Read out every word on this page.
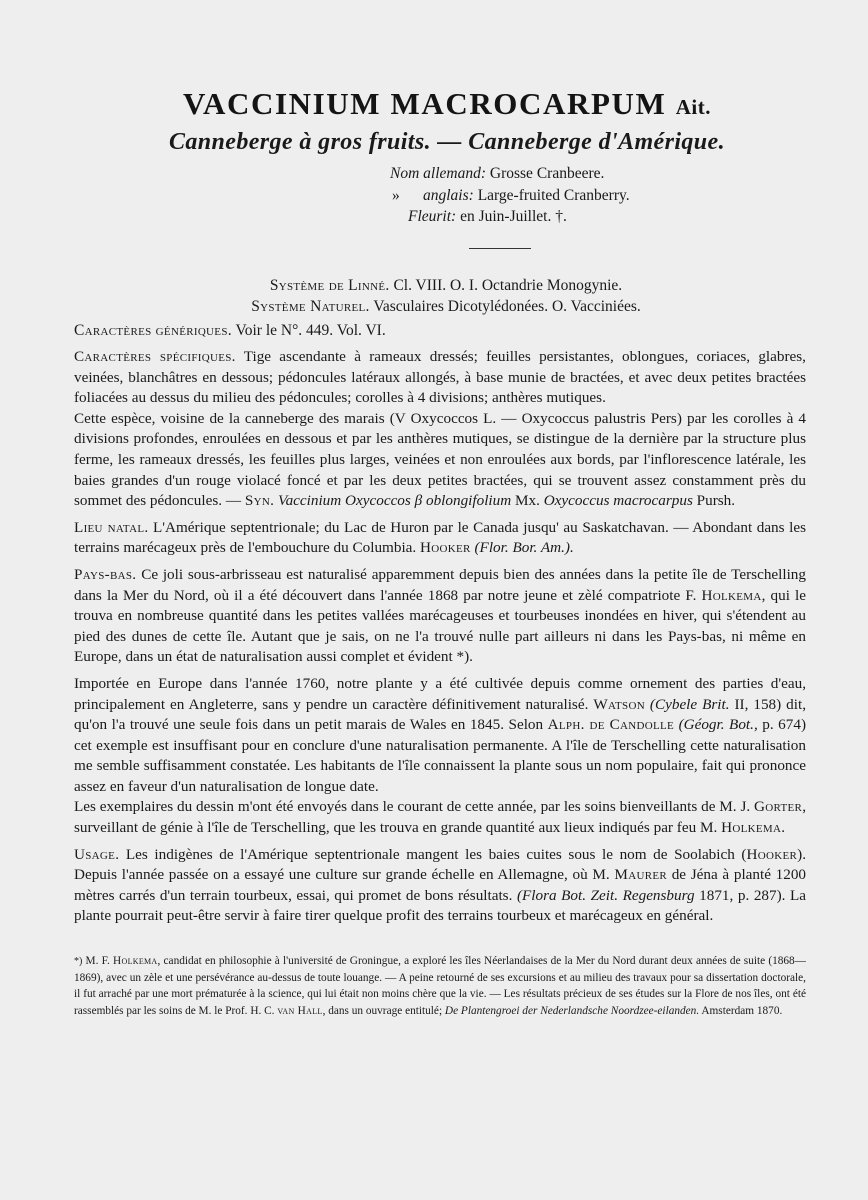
VACCINIUM MACROCARPUM Ait.

Canneberge à gros fruits. — Canneberge d'Amérique.

Nom allemand: Grosse Cranbeere.
» anglais: Large-fruited Cranberry.
Fleurit: en Juin-Juillet. †.
Système de Linné. Cl. VIII. O. I. Octandrie Monogynie.
Système Naturel. Vasculaires Dicotylédonées. O. Vacciniées.
Caractères génériques. Voir le N°. 449. Vol. VI.

Caractères spécifiques. Tige ascendante à rameaux dressés; feuilles persistantes, oblongues, coriaces, glabres, veinées, blanchâtres en dessous; pédoncules latéraux allongés, à base munie de bractées, et avec deux petites bractées foliacées au dessus du milieu des pédoncules; corolles à 4 divisions; anthères mutiques.

Cette espèce, voisine de la canneberge des marais (V Oxycoccos L. — Oxycoccus palustris Pers) par les corolles à 4 divisions profondes, enroulées en dessous et par les anthères mutiques, se distingue de la dernière par la structure plus ferme, les rameaux dressés, les feuilles plus larges, veinées et non enroulées aux bords, par l'inflorescence latérale, les baies grandes d'un rouge violacé foncé et par les deux petites bractées, qui se trouvent assez constamment près du sommet des pédoncules. — Syn. Vaccinium Oxycoccos β oblongifolium Mx. Oxycoccus macrocarpus Pursh.

Lieu natal. L'Amérique septentrionale; du Lac de Huron par le Canada jusqu' au Saskatchavan. — Abondant dans les terrains marécageux près de l'embouchure du Columbia. Hooker (Flor. Bor. Am.).

Pays-bas. Ce joli sous-arbrisseau est naturalisé apparemment depuis bien des années dans la petite île de Terschelling dans la Mer du Nord, où il a été découvert dans l'année 1868 par notre jeune et zèlé compatriote F. Holkema, qui le trouva en nombreuse quantité dans les petites vallées marécageuses et tourbeuses inondées en hiver, qui s'étendent au pied des dunes de cette île. Autant que je sais, on ne l'a trouvé nulle part ailleurs ni dans les Pays-bas, ni même en Europe, dans un état de naturalisation aussi complet et évident *).

Importée en Europe dans l'année 1760, notre plante y a été cultivée depuis comme ornement des parties d'eau, principalement en Angleterre, sans y pendre un caractère définitivement naturalisé. Watson (Cybele Brit. II, 158) dit, qu'on l'a trouvé une seule fois dans un petit marais de Wales en 1845. Selon Alph. de Candolle (Géogr. Bot., p. 674) cet exemple est insuffisant pour en conclure d'une naturalisation permanente. A l'île de Terschelling cette naturalisation me semble suffisamment constatée. Les habitants de l'île connaissent la plante sous un nom populaire, fait qui prononce assez en faveur d'un naturalisation de longue date.

Les exemplaires du dessin m'ont été envoyés dans le courant de cette année, par les soins bienveillants de M. J. Gorter, surveillant de génie à l'île de Terschelling, que les trouva en grande quantité aux lieux indiqués par feu M. Holkema.

Usage. Les indigènes de l'Amérique septentrionale mangent les baies cuites sous le nom de Soolabich (Hooker). Depuis l'année passée on a essayé une culture sur grande échelle en Allemagne, où M. Maurer de Jéna à planté 1200 mètres carrés d'un terrain tourbeux, essai, qui promet de bons résultats. (Flora Bot. Zeit. Regensburg 1871, p. 287). La plante pourrait peut-être servir à faire tirer quelque profit des terrains tourbeux et marécageux en général.

*) M. F. Holkema, candidat en philosophie à l'université de Groningue, a exploré les îles Néerlandaises de la Mer du Nord durant deux années de suite (1868—1869), avec un zèle et une persévérance au-dessus de toute louange. — A peine retourné de ses excursions et au milieu des travaux pour sa dissertation doctorale, il fut arraché par une mort prématurée à la science, qui lui était non moins chère que la vie. — Les résultats précieux de ses études sur la Flore de nos îles, ont été rassemblés par les soins de M. le Prof. H. C. van Hall, dans un ouvrage entitulé; De Plantengroei der Nederlandsche Noordzee-eilanden. Amsterdam 1870.
